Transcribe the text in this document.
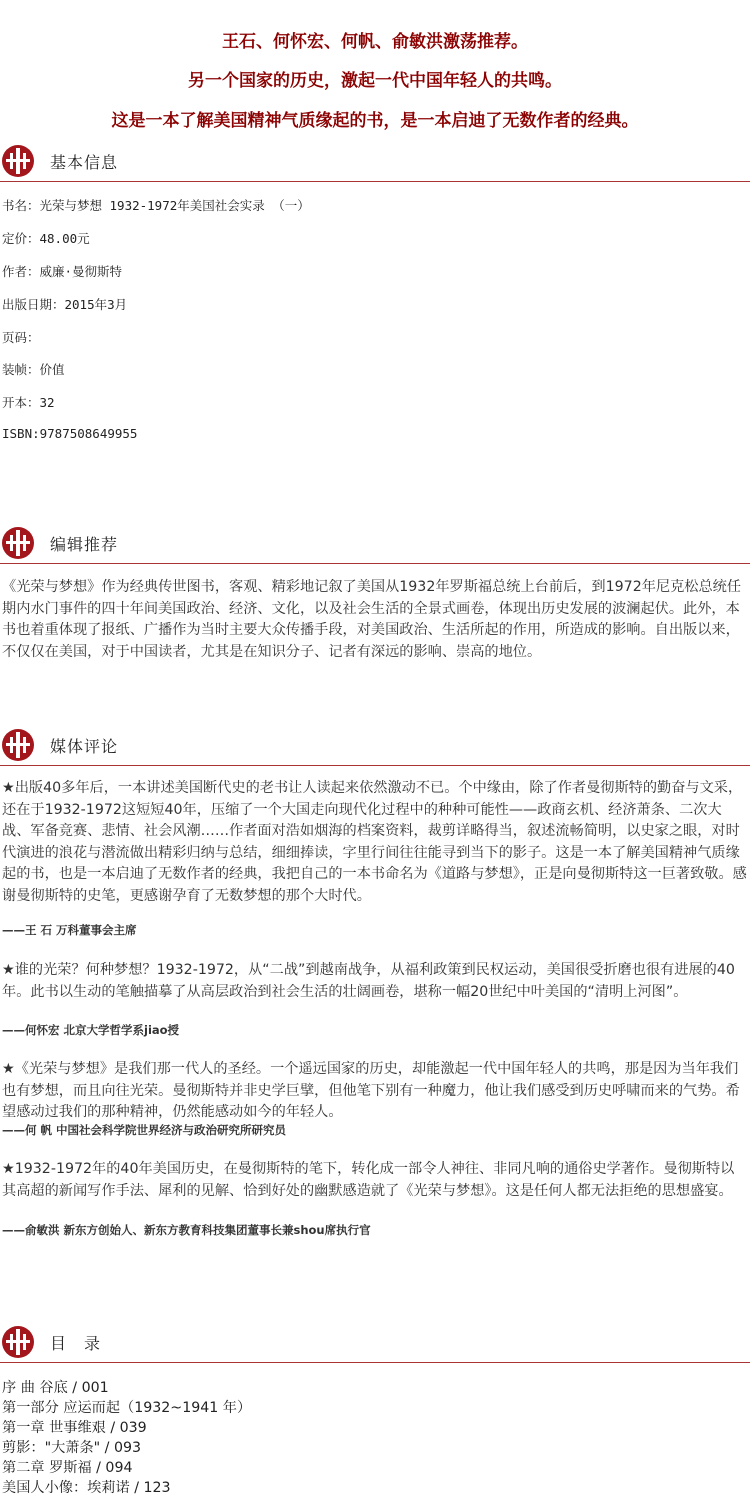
王石、何怀宏、何帆、俞敏洪激荡推荐。

另一个国家的历史，激起一代中国年轻人的共鸣。

这是一本了解美国精神气质缘起的书，是一本启迪了无数作者的经典。

基本信息
书名：光荣与梦想 1932-1972年美国社会实录 （一）
定价：48.00元
作者：威廉·曼彻斯特
出版日期：2015年3月
页码：
装帧：价值
开本：32
ISBN:9787508649955
编辑推荐
《光荣与梦想》作为经典传世图书，客观、精彩地记叙了美国从1932年罗斯福总统上台前后，到1972年尼克松总统任期内水门事件的四十年间美国政治、经济、文化，以及社会生活的全景式画卷，体现出历史发展的波澜起伏。此外，本书也着重体现了报纸、广播作为当时主要大众传播手段，对美国政治、生活所起的作用，所造成的影响。自出版以来，不仅仅在美国，对于中国读者，尤其是在知识分子、记者有深远的影响、崇高的地位。
媒体评论
★出版40多年后，一本讲述美国断代史的老书让人读起来依然激动不已。个中缘由，除了作者曼彻斯特的勤奋与文采，还在于1932-1972这短短40年，压缩了一个大国走向现代化过程中的种种可能性——政商玄机、经济萧条、二次大战、军备竞赛、悲情、社会风潮……作者面对浩如烟海的档案资料，裁剪详略得当，叙述流畅简明，以史家之眼，对时代演进的浪花与潜流做出精彩归纳与总结，细细捧读，字里行间往往能寻到当下的影子。这是一本了解美国精神气质缘起的书，也是一本启迪了无数作者的经典，我把自己的一本书命名为《道路与梦想》，正是向曼彻斯特这一巨著致敬。感谢曼彻斯特的史笔，更感谢孕育了无数梦想的那个大时代。
——王 石 万科董事会主席
★谁的光荣？何种梦想？1932-1972，从“二战”到越南战争，从福利政策到民权运动，美国很受折磨也很有进展的40年。此书以生动的笔触描摹了从高层政治到社会生活的壮阔画卷，堪称一幅20世纪中叶美国的“清明上河图”。
——何怀宏 北京大学哲学系jiao授
★《光荣与梦想》是我们那一代人的圣经。一个遥远国家的历史，却能激起一代中国年轻人的共鸣，那是因为当年我们也有梦想，而且向往光荣。曼彻斯特并非史学巨擘，但他笔下别有一种魔力，他让我们感受到历史呼啸而来的气势。希望感动过我们的那种精神，仍然能感动如今的年轻人。
——何 帆 中国社会科学院世界经济与政治研究所研究员
★1932-1972年的40年美国历史，在曼彻斯特的笔下，转化成一部令人神往、非同凡响的通俗史学著作。曼彻斯特以其高超的新闻写作手法、犀利的见解、恰到好处的幽默感造就了《光荣与梦想》。这是任何人都无法拒绝的思想盛宴。
——俞敏洪 新东方创始人、新东方教育科技集团董事长兼shou席执行官
目　录
序 曲 谷底 / 001
第一部分 应运而起（1932~1941 年）
第一章 世事维艰 / 039
剪影："大萧条" / 093
第二章 罗斯福 / 094
美国人小像：埃莉诺 / 123
